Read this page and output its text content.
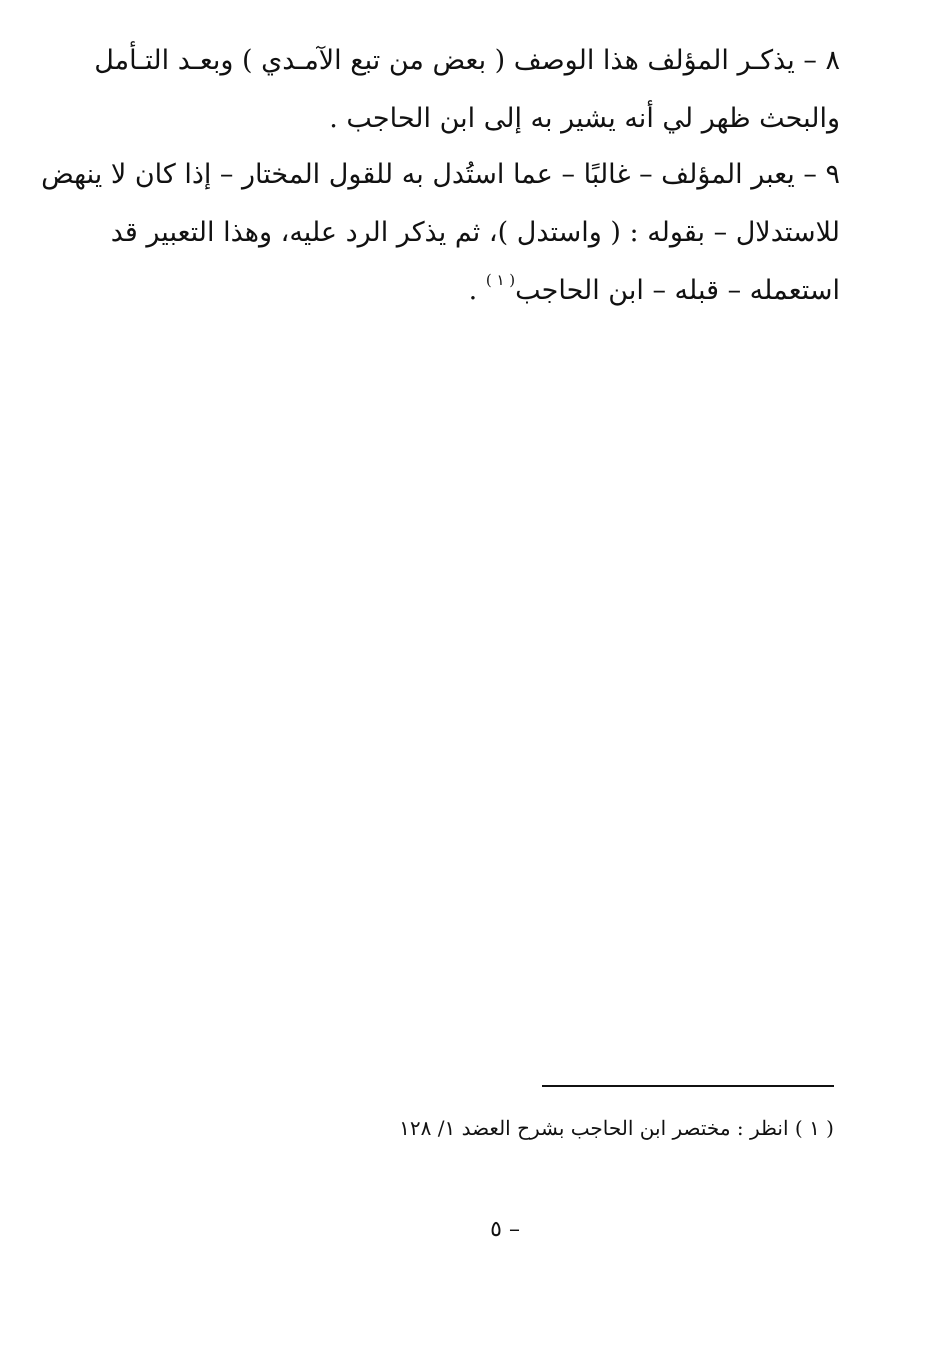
٨ – يذكـر المؤلف هذا الوصف ( بعض من تبع الآمـدي ) وبعـد التـأمل
والبحث ظهر لي أنه يشير به إلى ابن الحاجب .
٩ – يعبر المؤلف – غالبًا – عما استُدل به للقول المختار – إذا كان لا ينهض
للاستدلال – بقوله : ( واستدل )، ثم يذكر الرد عليه، وهذا التعبير قد
استعمله – قبله – ابن الحاجب$^{( ١ )}$ .
( ١ ) انظر : مختصر ابن الحاجب بشرح العضد ١/ ١٢٨
– ٥
